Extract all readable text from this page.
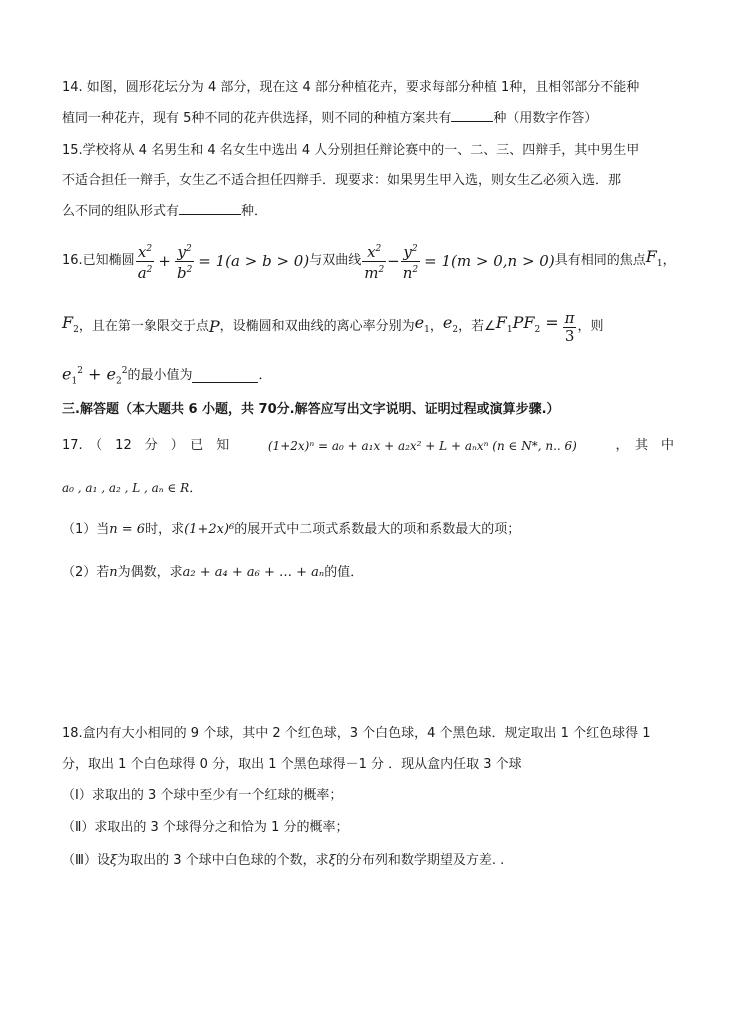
14. 如图，圆形花坛分为 4 部分，现在这 4 部分种植花卉，要求每部分种植 1种，且相邻部分不能种
植同一种花卉，现有 5种不同的花卉供选择，则不同的种植方案共有	种（用数字作答）
15.学校将从 4 名男生和 4 名女生中选出 4 人分别担任辩论赛中的一、二、三、四辩手，其中男生甲
不适合担任一辩手，女生乙不适合担任四辩手．现要求：如果男生甲入选，则女生乙必须入选．那
么不同的组队形式有	种．
16.已知椭圆 $\frac{x^2}{a^2} + \frac{y^2}{b^2} = 1(a > b > 0)$ 与双曲线 $\frac{x^2}{m^2} - \frac{y^2}{n^2} = 1(m > 0,n > 0)$ 具有相同的焦点 $F_1$ ，
$F_2$ ，且在第一象限交于点 P ，设椭圆和双曲线的离心率分别为 $e_1$ ， $e_2$ ，若∠ $F_1PF_2 = \frac{\pi}{3}$ ，则
$e_1^2 + e_2^2$ 的最小值为	．
三.解答题（本大题共 6 小题，共 70分.解答应写出文字说明、证明过程或演算步骤.）
17.　（　12　分　）　已　知	(1+2x)ⁿ = a₀ + a₁x + a₂x² + L + aₙxⁿ (n ∈ N*, n.. 6)	，　其　中
a₀ , a₁ , a₂ , L , aₙ ∈ R．
（1）当n = 6时，求(1+2x)⁶的展开式中二项式系数最大的项和系数最大的项；
（2）若n为偶数，求a₂ + a₄ + a₆ + … + aₙ的值．
18.盒内有大小相同的 9 个球，其中 2 个红色球，3 个白色球，4 个黑色球．规定取出 1 个红色球得 1
分，取出 1 个白色球得 0 分，取出 1 个黑色球得－1 分 ．现从盒内任取 3 个球
（Ⅰ）求取出的 3 个球中至少有一个红球的概率；
（Ⅱ）求取出的 3 个球得分之和恰为 1 分的概率；
（Ⅲ）设ξ为取出的 3 个球中白色球的个数，求ξ的分布列和数学期望及方差. .
